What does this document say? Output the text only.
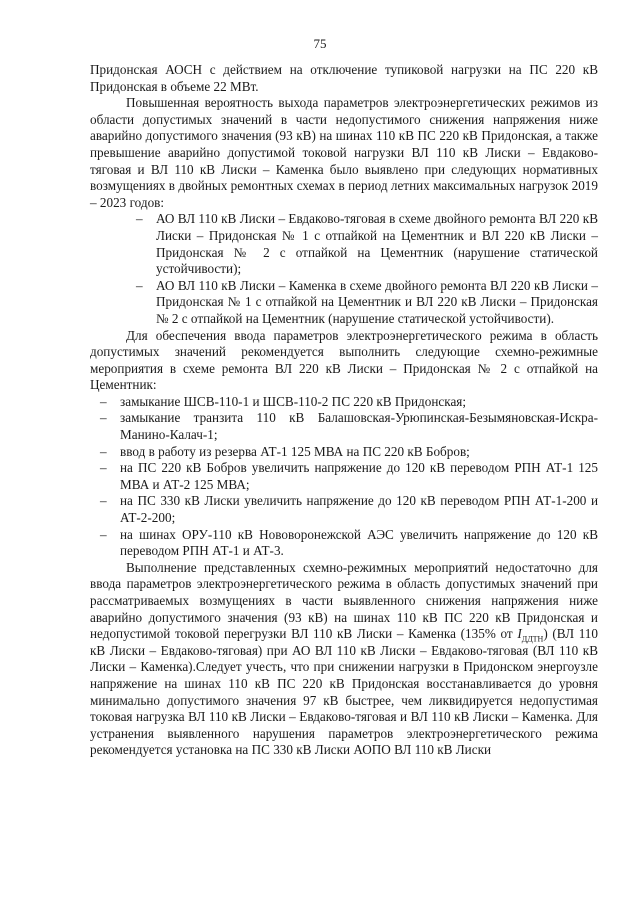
75

Придонская АОСН с действием на отключение тупиковой нагрузки на ПС 220 кВ Придонская в объеме 22 МВт.

Повышенная вероятность выхода параметров электроэнергетических режимов из области допустимых значений в части недопустимого снижения напряжения ниже аварийно допустимого значения (93 кВ) на шинах 110 кВ ПС 220 кВ Придонская, а также превышение аварийно допустимой токовой нагрузки ВЛ 110 кВ Лиски – Евдаково-тяговая и ВЛ 110 кВ Лиски – Каменка было выявлено при следующих нормативных возмущениях в двойных ремонтных схемах в период летних максимальных нагрузок 2019 – 2023 годов:

– АО ВЛ 110 кВ Лиски – Евдаково-тяговая в схеме двойного ремонта ВЛ 220 кВ Лиски – Придонская № 1 с отпайкой на Цементник и ВЛ 220 кВ Лиски – Придонская № 2 с отпайкой на Цементник (нарушение статической устойчивости);
– АО ВЛ 110 кВ Лиски – Каменка в схеме двойного ремонта ВЛ 220 кВ Лиски – Придонская № 1 с отпайкой на Цементник и ВЛ 220 кВ Лиски – Придонская № 2 с отпайкой на Цементник (нарушение статической устойчивости).

Для обеспечения ввода параметров электроэнергетического режима в область допустимых значений рекомендуется выполнить следующие схемно-режимные мероприятия в схеме ремонта ВЛ 220 кВ Лиски – Придонская № 2 с отпайкой на Цементник:

– замыкание ШСВ-110-1 и ШСВ-110-2 ПС 220 кВ Придонская;
– замыкание транзита 110 кВ Балашовская-Урюпинская-Безымяновская-Искра-Манино-Калач-1;
– ввод в работу из резерва АТ-1 125 МВА на ПС 220 кВ Бобров;
– на ПС 220 кВ Бобров увеличить напряжение до 120 кВ переводом РПН АТ-1 125 МВА и АТ-2 125 МВА;
– на ПС 330 кВ Лиски увеличить напряжение до 120 кВ переводом РПН АТ-1-200 и АТ-2-200;
– на шинах ОРУ-110 кВ Нововоронежской АЭС увеличить напряжение до 120 кВ переводом РПН АТ-1 и АТ-3.

Выполнение представленных схемно-режимных мероприятий недостаточно для ввода параметров электроэнергетического режима в область допустимых значений при рассматриваемых возмущениях в части выявленного снижения напряжения ниже аварийно допустимого значения (93 кВ) на шинах 110 кВ ПС 220 кВ Придонская и недопустимой токовой перегрузки ВЛ 110 кВ Лиски – Каменка (135% от $I_{ДДТН}$) (ВЛ 110 кВ Лиски – Евдаково-тяговая) при АО ВЛ 110 кВ Лиски – Евдаково-тяговая (ВЛ 110 кВ Лиски – Каменка).Следует учесть, что при снижении нагрузки в Придонском энергоузле напряжение на шинах 110 кВ ПС 220 кВ Придонская восстанавливается до уровня минимально допустимого значения 97 кВ быстрее, чем ликвидируется недопустимая токовая нагрузка ВЛ 110 кВ Лиски – Евдаково-тяговая и ВЛ 110 кВ Лиски – Каменка. Для устранения выявленного нарушения параметров электроэнергетического режима рекомендуется установка на ПС 330 кВ Лиски АОПО ВЛ 110 кВ Лиски
